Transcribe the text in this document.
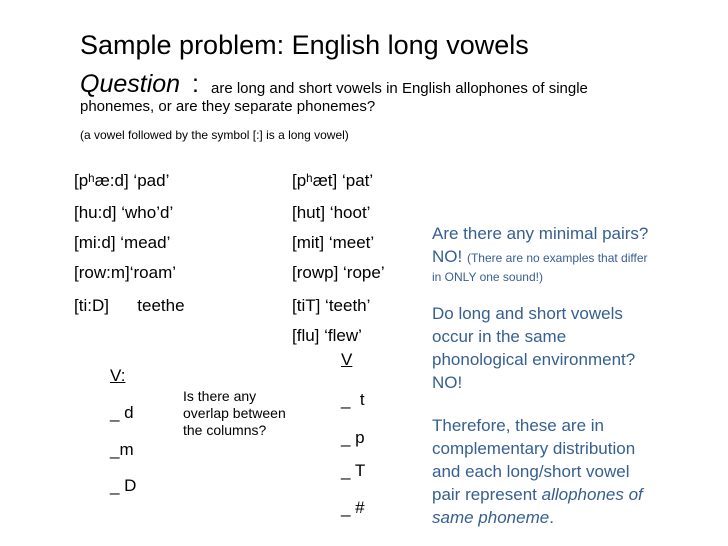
Sample problem: English long vowels
Question : are long and short vowels in English allophones of single
phonemes, or are they separate phonemes?
(a vowel followed by the symbol [:] is a long vowel)
[pʰæ:d] ‘pad’
[hu:d] ‘who’d’
[mi:d] ‘mead’
[row:m]‘roam’
[ti:D]      teethe
[pʰæt] ‘pat’
[hut] ‘hoot’
[mit] ‘meet’
[rowp] ‘rope’
[tiT] ‘teeth’
[flu] ‘flew’
V:
_ d
_m
_ D
Is there any
overlap between
the columns?
V
_  t
_ p
_ T
_ #
Are there any minimal pairs?
NO! (There are no examples that differ
in ONLY one sound!)
Do long and short vowels
occur in the same
phonological environment?
NO!
Therefore, these are in
complementary distribution
and each long/short vowel
pair represent allophones of
same phoneme.
